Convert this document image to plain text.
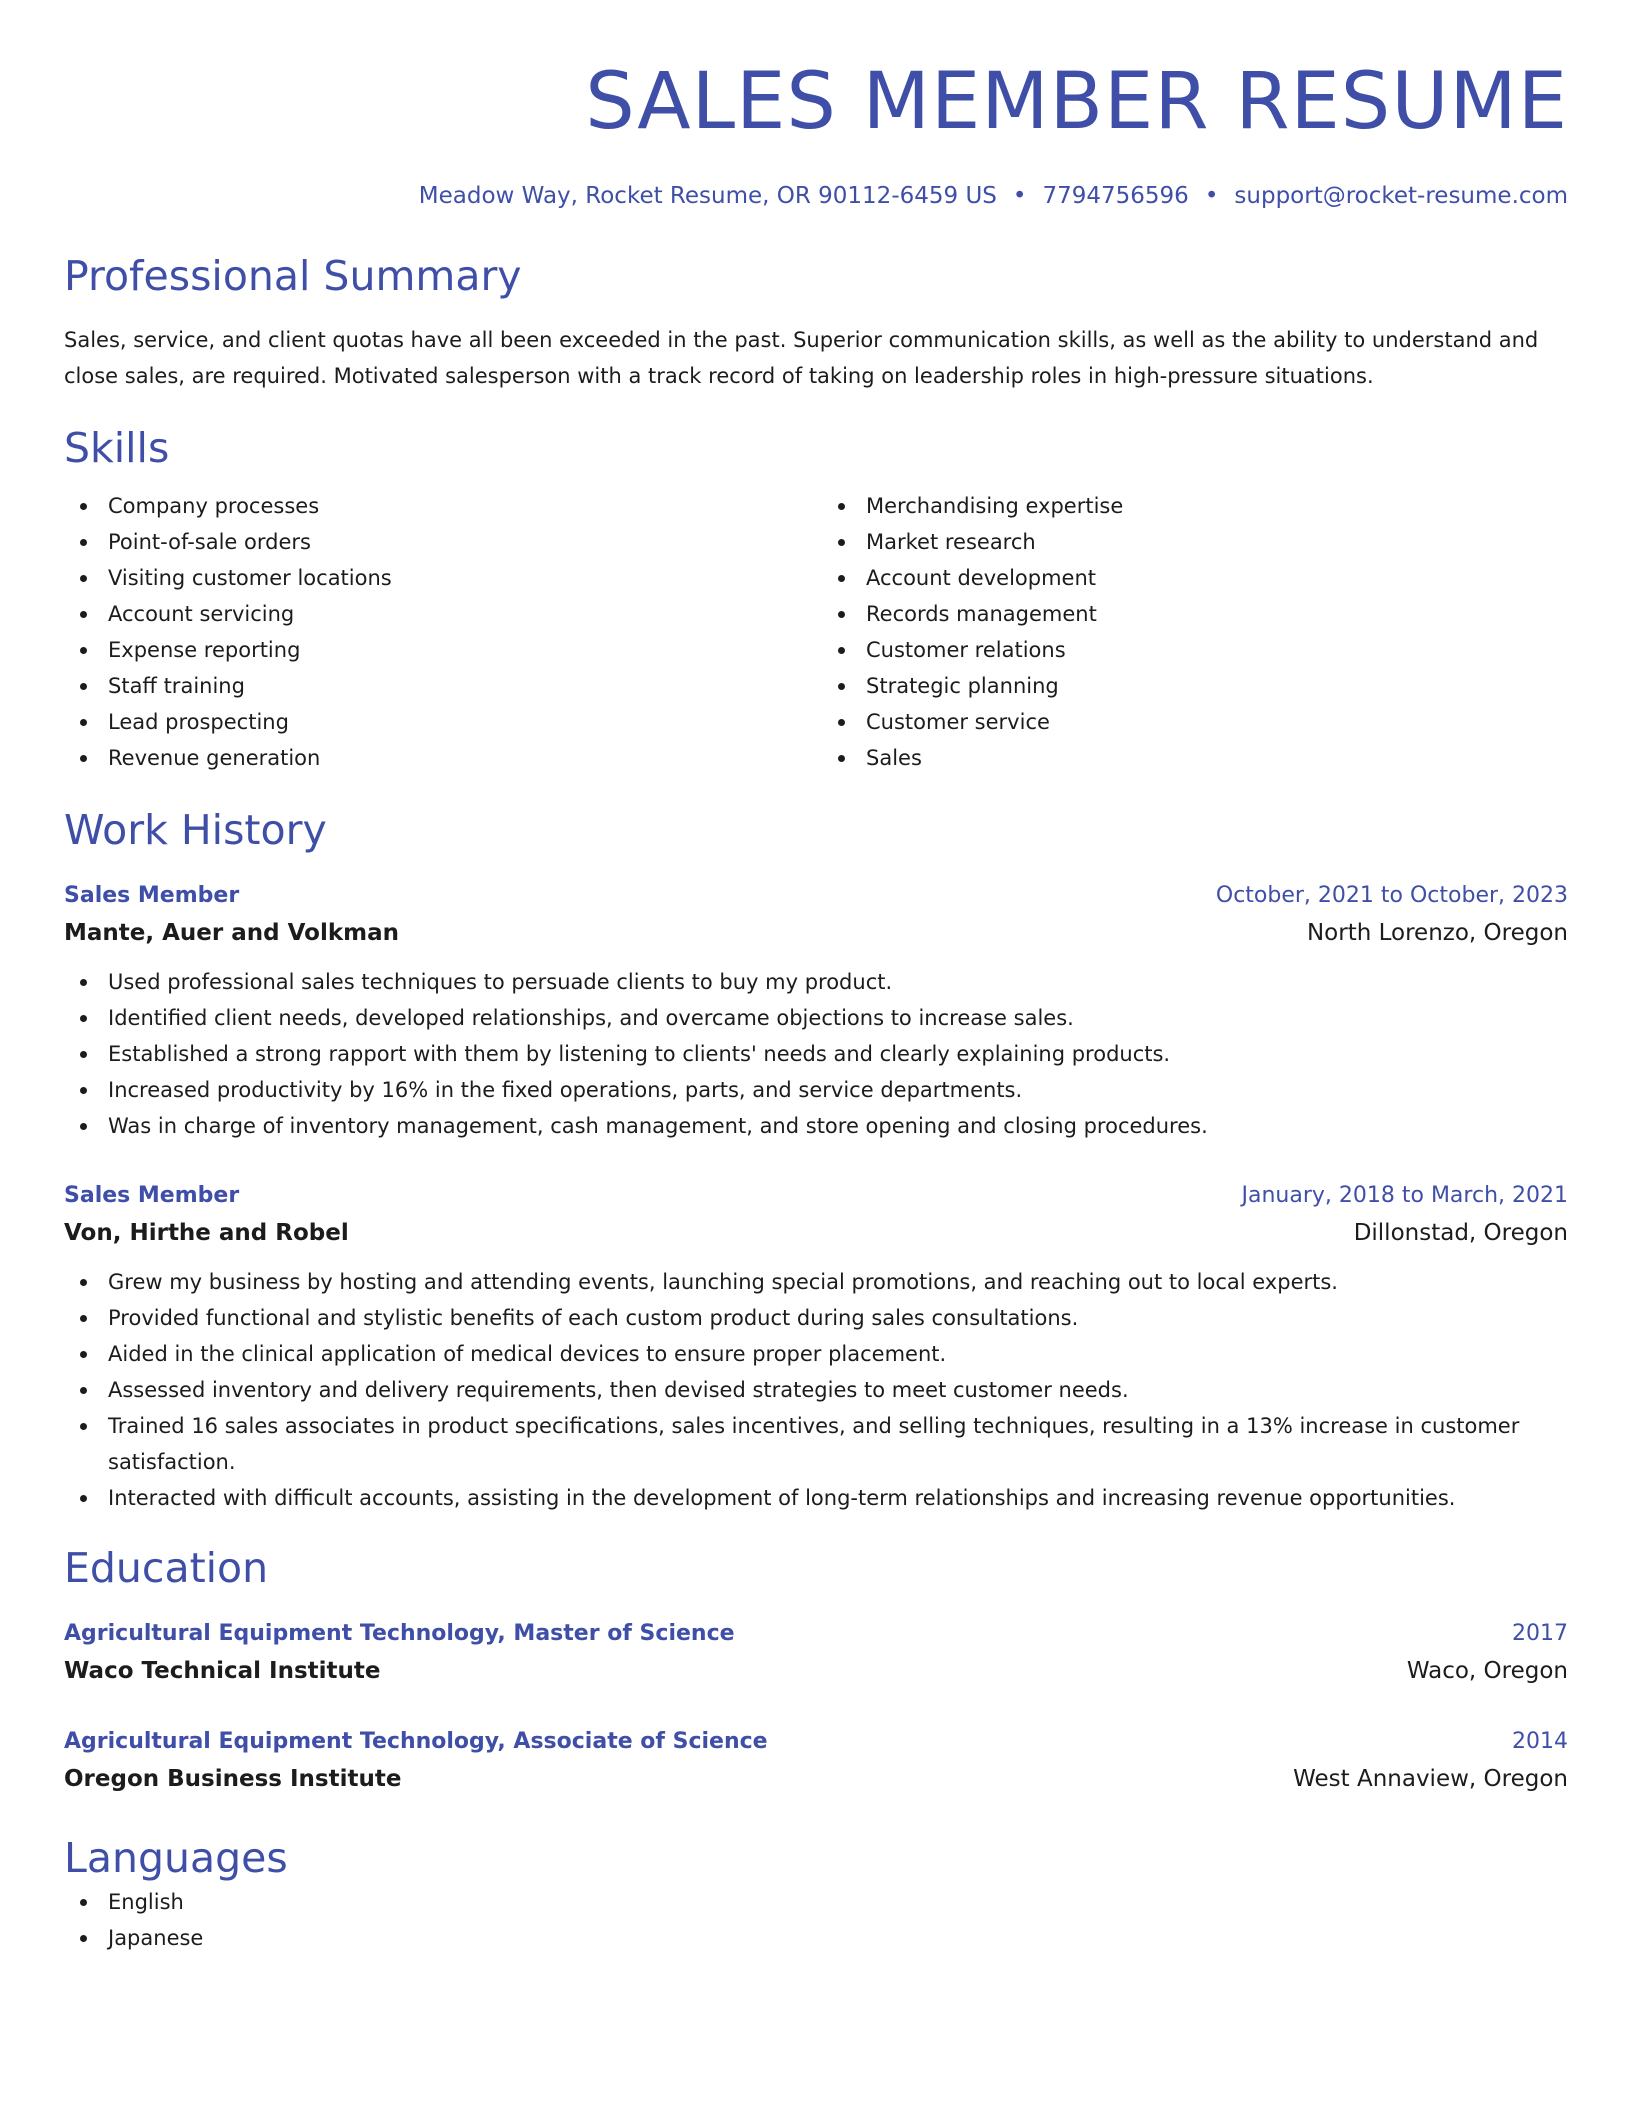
SALES MEMBER RESUME
Meadow Way, Rocket Resume, OR 90112-6459 US • 7794756596 • support@rocket-resume.com
Professional Summary

Sales, service, and client quotas have all been exceeded in the past. Superior communication skills, as well as the ability to understand and close sales, are required. Motivated salesperson with a track record of taking on leadership roles in high-pressure situations.

Skills
Company processes
Point-of-sale orders
Visiting customer locations
Account servicing
Expense reporting
Staff training
Lead prospecting
Revenue generation
Merchandising expertise
Market research
Account development
Records management
Customer relations
Strategic planning
Customer service
Sales
Work History
Sales Member	October, 2021 to October, 2023
Mante, Auer and Volkman	North Lorenzo, Oregon
Used professional sales techniques to persuade clients to buy my product.
Identified client needs, developed relationships, and overcame objections to increase sales.
Established a strong rapport with them by listening to clients' needs and clearly explaining products.
Increased productivity by 16% in the fixed operations, parts, and service departments.
Was in charge of inventory management, cash management, and store opening and closing procedures.
Sales Member	January, 2018 to March, 2021
Von, Hirthe and Robel	Dillonstad, Oregon
Grew my business by hosting and attending events, launching special promotions, and reaching out to local experts.
Provided functional and stylistic benefits of each custom product during sales consultations.
Aided in the clinical application of medical devices to ensure proper placement.
Assessed inventory and delivery requirements, then devised strategies to meet customer needs.
Trained 16 sales associates in product specifications, sales incentives, and selling techniques, resulting in a 13% increase in customer satisfaction.
Interacted with difficult accounts, assisting in the development of long-term relationships and increasing revenue opportunities.
Education
Agricultural Equipment Technology, Master of Science	2017
Waco Technical Institute	Waco, Oregon
Agricultural Equipment Technology, Associate of Science	2014
Oregon Business Institute	West Annaview, Oregon
Languages
English
Japanese
